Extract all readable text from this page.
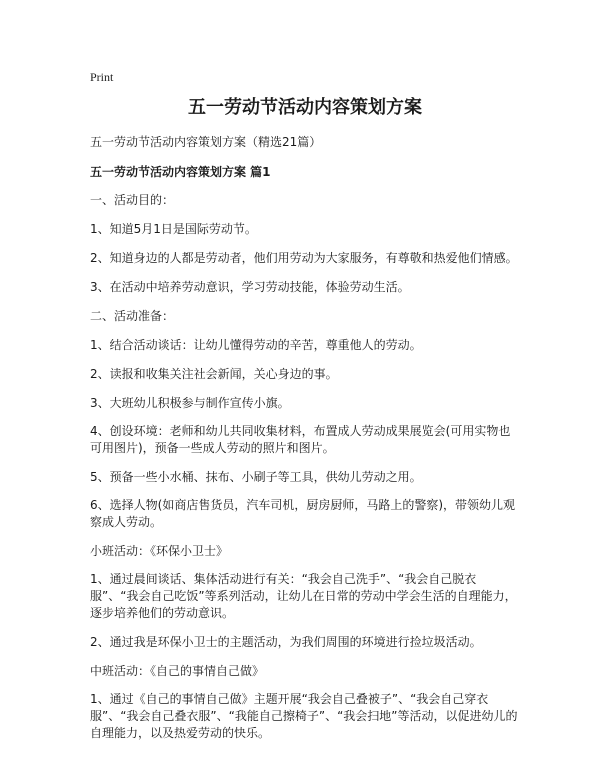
Print
五一劳动节活动内容策划方案
五一劳动节活动内容策划方案（精选21篇）
五一劳动节活动内容策划方案 篇1
一、活动目的：
1、知道5月1日是国际劳动节。
2、知道身边的人都是劳动者，他们用劳动为大家服务，有尊敬和热爱他们情感。
3、在活动中培养劳动意识，学习劳动技能，体验劳动生活。
二、活动准备：
1、结合活动谈话：让幼儿懂得劳动的辛苦，尊重他人的劳动。
2、读报和收集关注社会新闻，关心身边的事。
3、大班幼儿积极参与制作宣传小旗。
4、创设环境：老师和幼儿共同收集材料，布置成人劳动成果展览会(可用实物也可用图片)，预备一些成人劳动的照片和图片。
5、预备一些小水桶、抹布、小刷子等工具，供幼儿劳动之用。
6、选择人物(如商店售货员，汽车司机，厨房厨师，马路上的警察)，带领幼儿观察成人劳动。
小班活动：《环保小卫士》
1、通过晨间谈话、集体活动进行有关：“我会自己洗手”、“我会自己脱衣服”、“我会自己吃饭”等系列活动，让幼儿在日常的劳动中学会生活的自理能力，逐步培养他们的劳动意识。
2、通过我是环保小卫士的主题活动，为我们周围的环境进行捡垃圾活动。
中班活动：《自己的事情自己做》
1、通过《自己的事情自己做》主题开展“我会自己叠被子”、“我会自己穿衣服”、“我会自己叠衣服”、“我能自己擦椅子”、“我会扫地”等活动，以促进幼儿的自理能力，以及热爱劳动的快乐。
